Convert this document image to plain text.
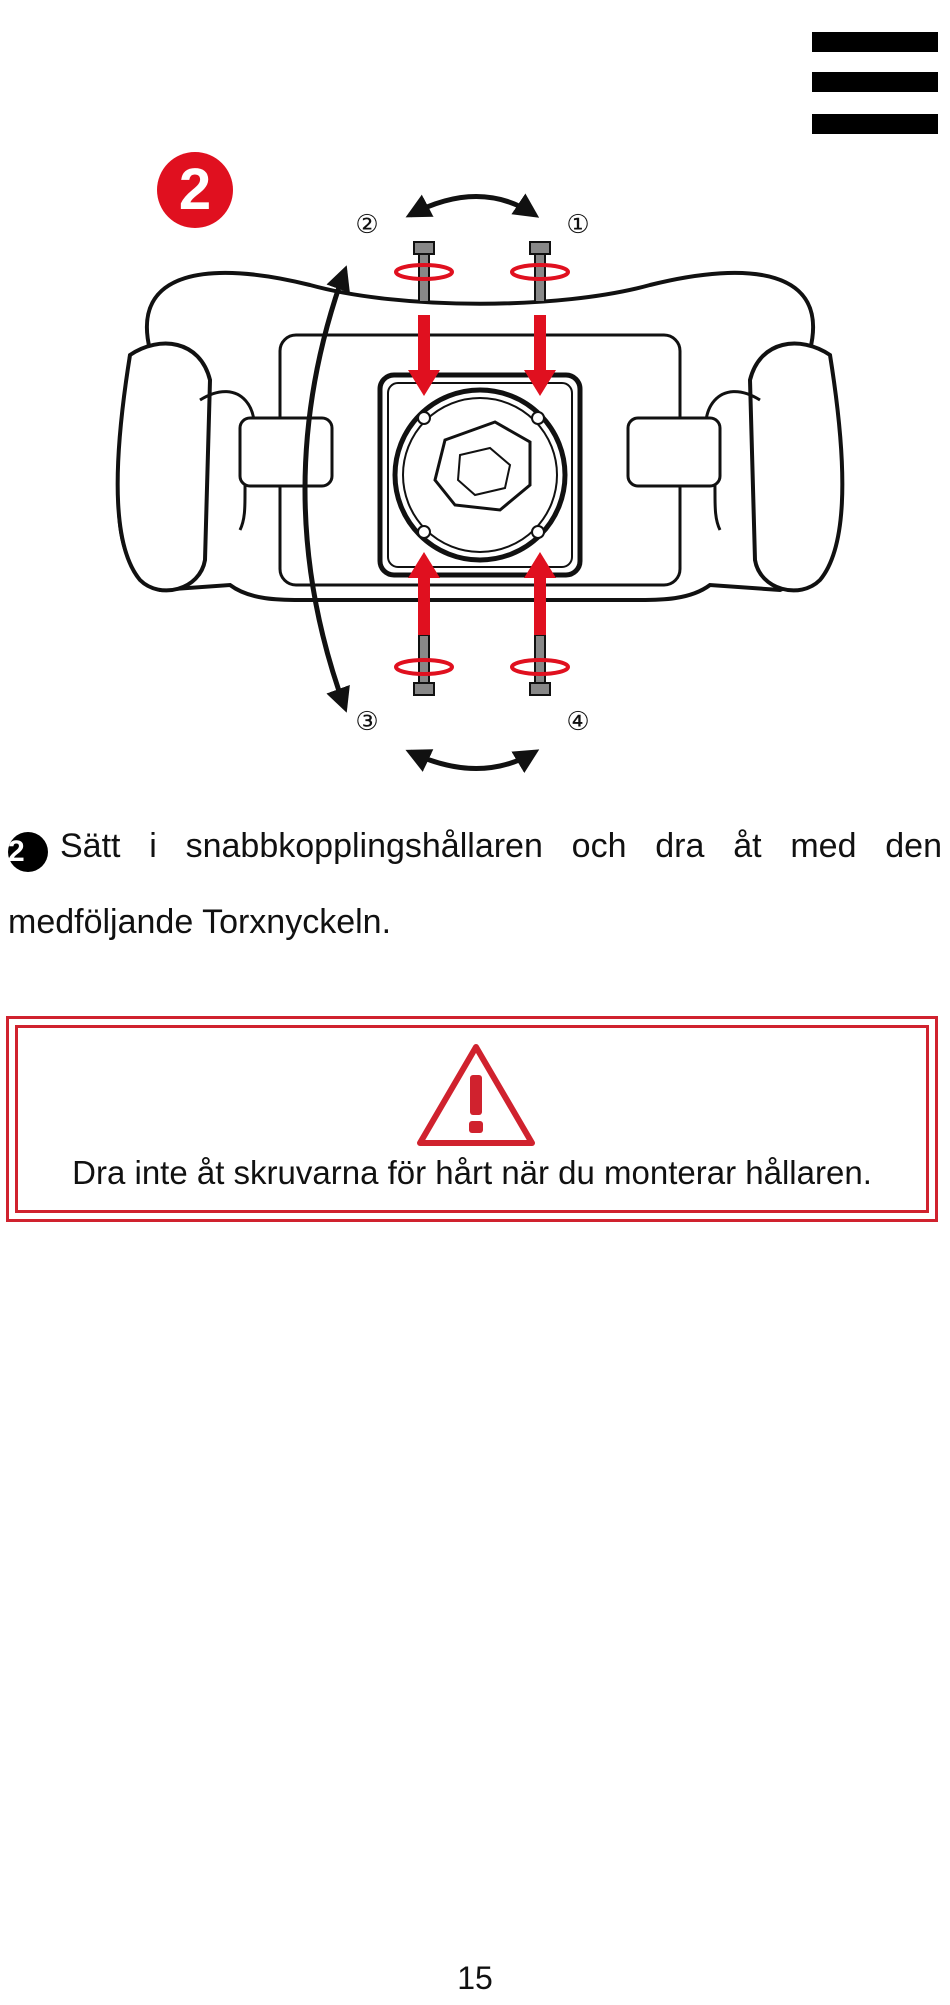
2
②	①
③	④

2 Sätt i snabbkopplingshållaren och dra åt med den medföljande Torxnyckeln.

Dra inte åt skruvarna för hårt när du monterar hållaren.
15
